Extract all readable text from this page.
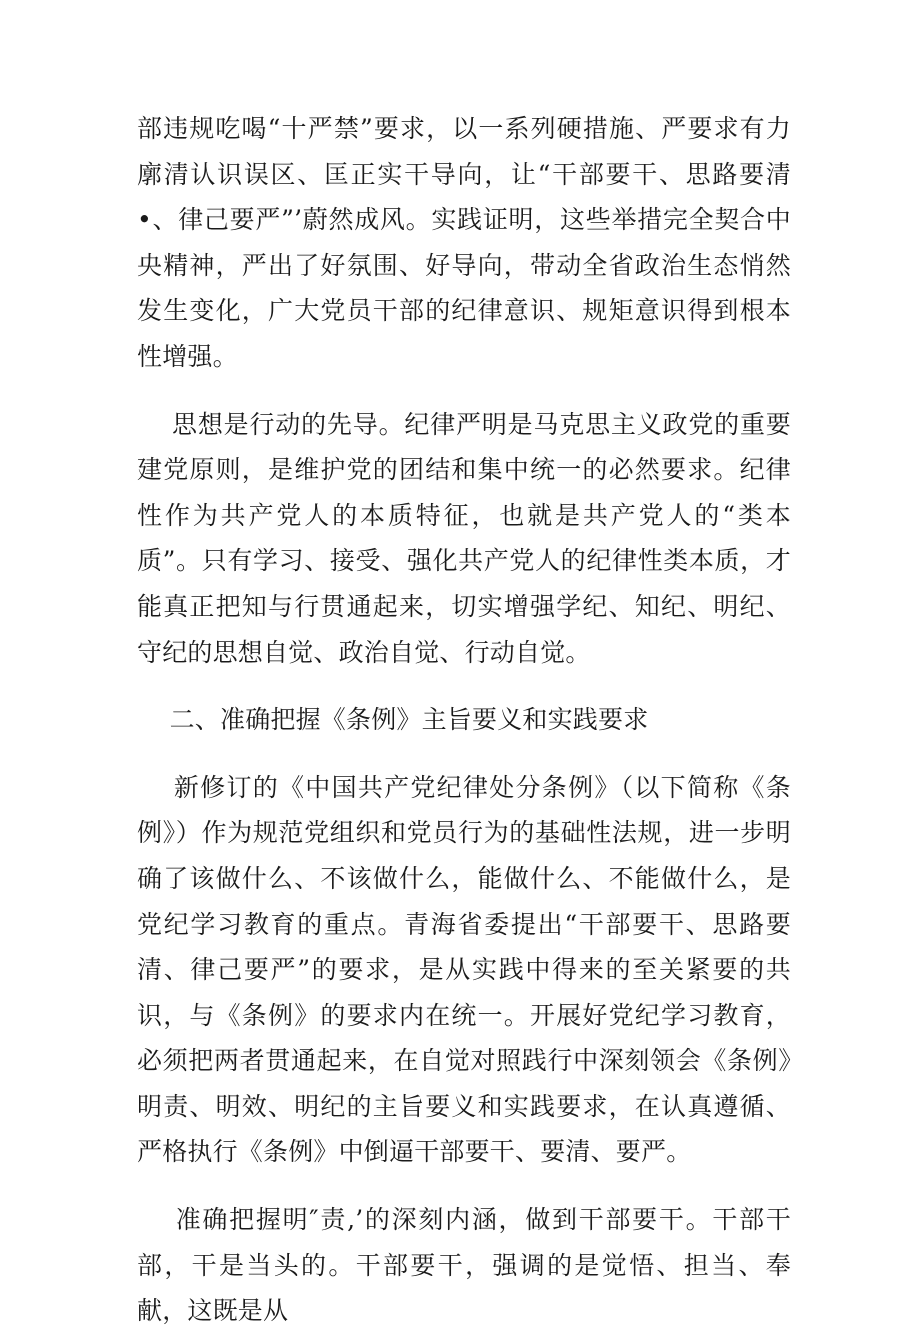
部违规吃喝“十严禁”要求，以一系列硬措施、严要求有力廓清认识误区、匡正实干导向，让“干部要干、思路要清•、律己要严”’蔚然成风。实践证明，这些举措完全契合中央精神，严出了好氛围、好导向，带动全省政治生态悄然发生变化，广大党员干部的纪律意识、规矩意识得到根本性增强。

思想是行动的先导。纪律严明是马克思主义政党的重要建党原则，是维护党的团结和集中统一的必然要求。纪律性作为共产党人的本质特征，也就是共产党人的“类本质”。只有学习、接受、强化共产党人的纪律性类本质，才能真正把知与行贯通起来，切实增强学纪、知纪、明纪、守纪的思想自觉、政治自觉、行动自觉。

二、准确把握《条例》主旨要义和实践要求

新修订的《中国共产党纪律处分条例》（以下简称《条例》）作为规范党组织和党员行为的基础性法规，进一步明确了该做什么、不该做什么，能做什么、不能做什么，是党纪学习教育的重点。青海省委提出“干部要干、思路要清、律己要严”的要求，是从实践中得来的至关紧要的共识，与《条例》的要求内在统一。开展好党纪学习教育，必须把两者贯通起来，在自觉对照践行中深刻领会《条例》明责、明效、明纪的主旨要义和实践要求，在认真遵循、严格执行《条例》中倒逼干部要干、要清、要严。

准确把握明″责,’的深刻内涵，做到干部要干。干部干部，干是当头的。干部要干，强调的是觉悟、担当、奉献，这既是从
